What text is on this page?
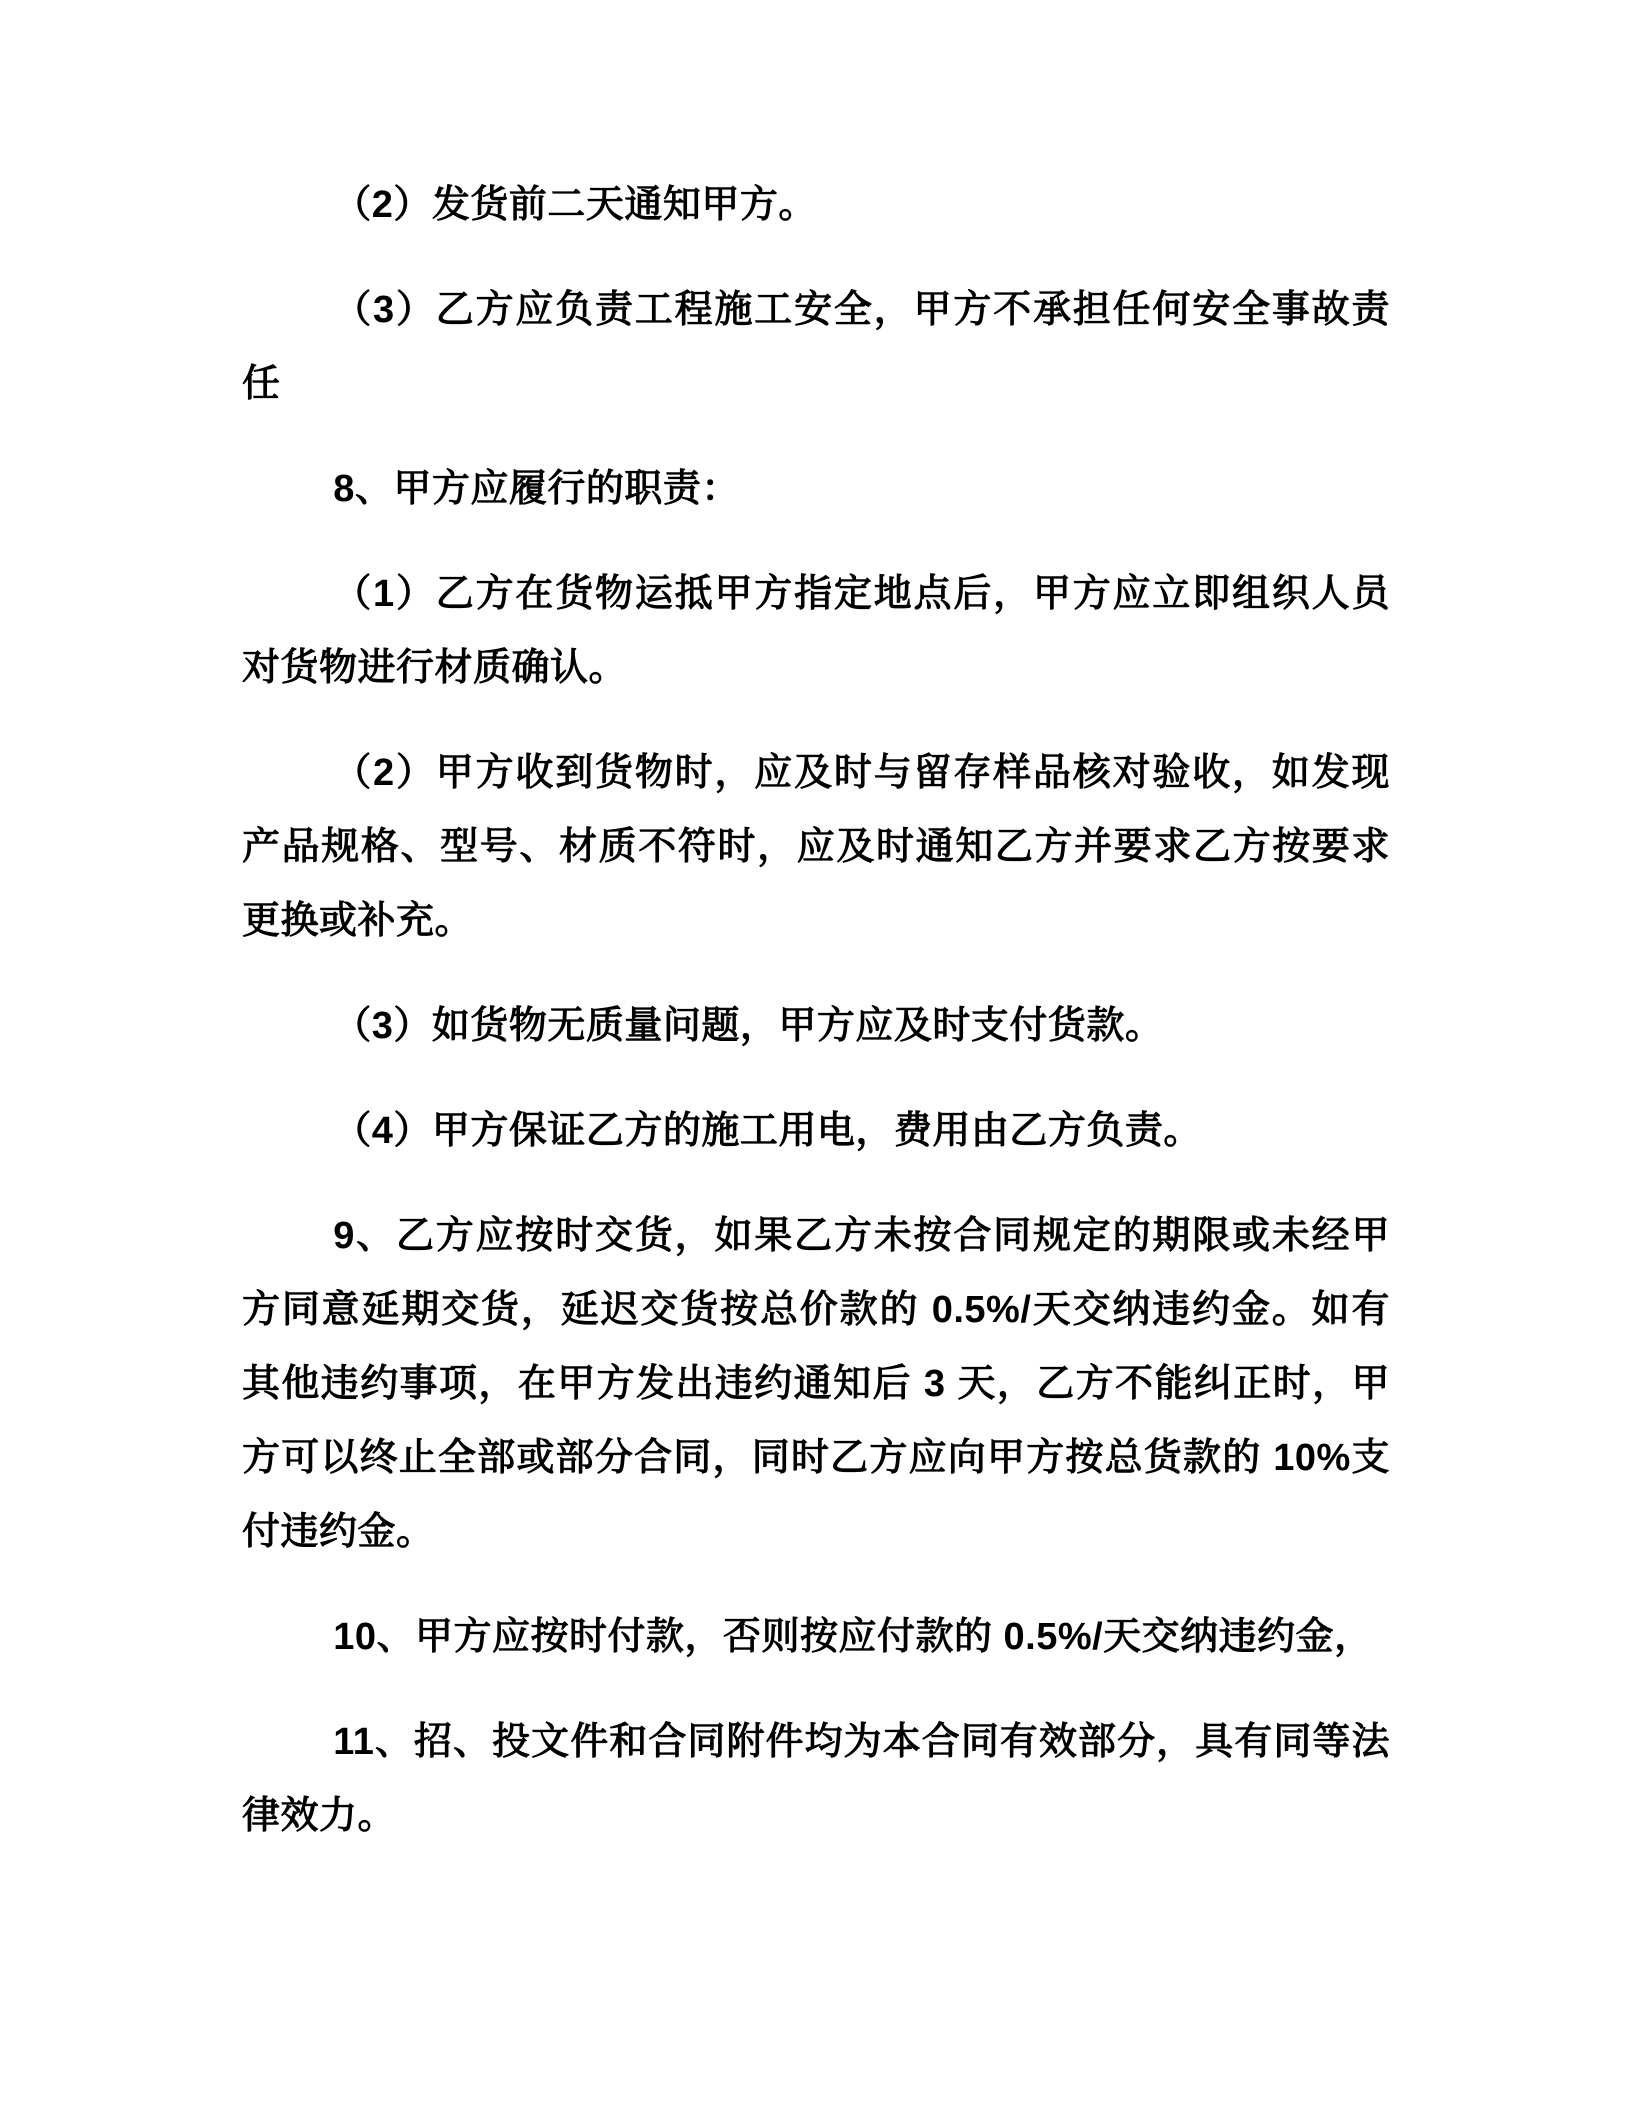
（2）发货前二天通知甲方。

（3）乙方应负责工程施工安全，甲方不承担任何安全事故责任

8、甲方应履行的职责：

（1）乙方在货物运抵甲方指定地点后，甲方应立即组织人员对货物进行材质确认。

（2）甲方收到货物时，应及时与留存样品核对验收，如发现产品规格、型号、材质不符时，应及时通知乙方并要求乙方按要求更换或补充。

（3）如货物无质量问题，甲方应及时支付货款。

（4）甲方保证乙方的施工用电，费用由乙方负责。

9、乙方应按时交货，如果乙方未按合同规定的期限或未经甲方同意延期交货，延迟交货按总价款的 0.5%/天交纳违约金。如有其他违约事项，在甲方发出违约通知后 3 天，乙方不能纠正时，甲方可以终止全部或部分合同，同时乙方应向甲方按总货款的 10%支付违约金。

10、甲方应按时付款，否则按应付款的 0.5%/天交纳违约金，

11、招、投文件和合同附件均为本合同有效部分，具有同等法律效力。
